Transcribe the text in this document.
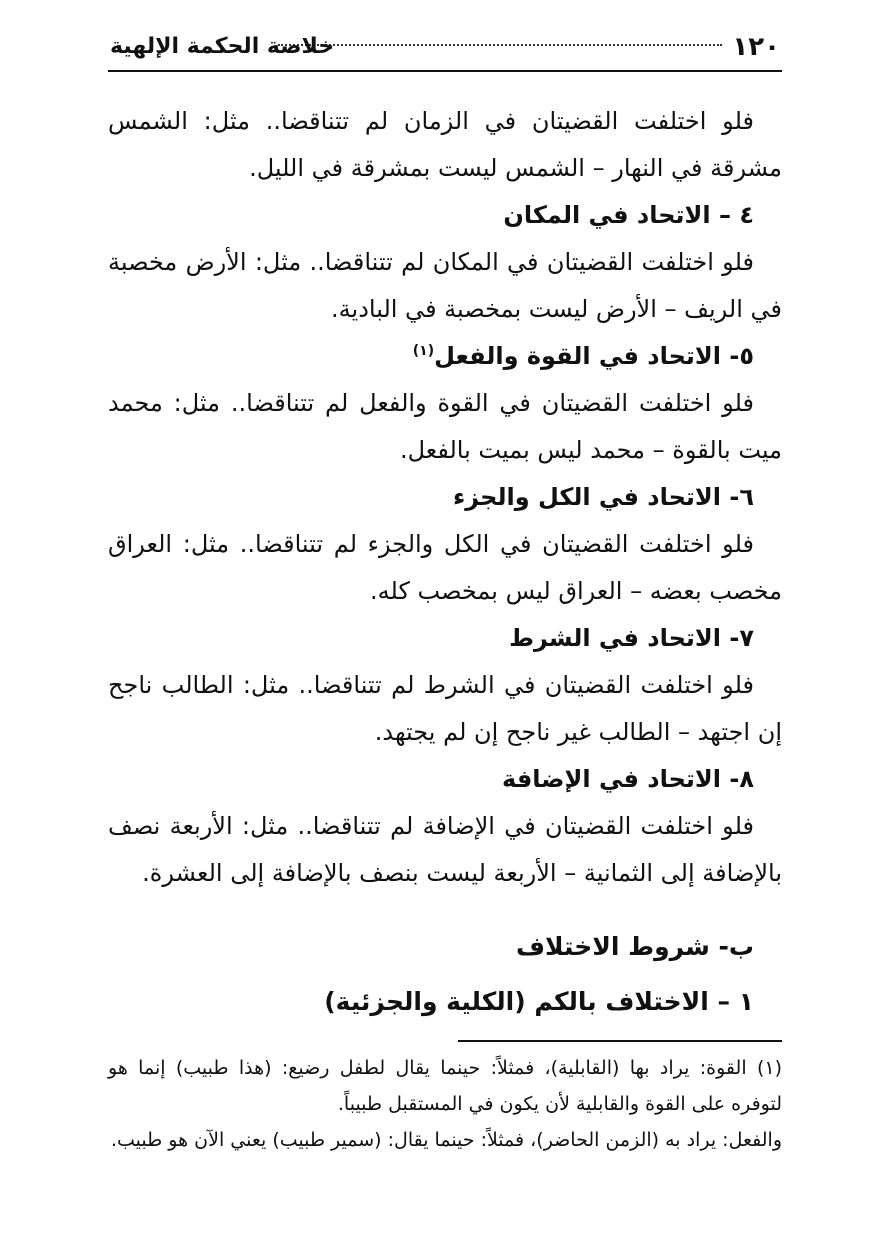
١٢٠
خلاصة الحكمة الإلهية

فلو اختلفت القضيتان في الزمان لم تتناقضا.. مثل: الشمس مشرقة في النهار – الشمس ليست بمشرقة في الليل.

٤ – الاتحاد في المكان

فلو اختلفت القضيتان في المكان لم تتناقضا.. مثل: الأرض مخصبة في الريف – الأرض ليست بمخصبة في البادية.

٥- الاتحاد في القوة والفعل$^{(١)}$

فلو اختلفت القضيتان في القوة والفعل لم تتناقضا.. مثل: محمد ميت بالقوة – محمد ليس بميت بالفعل.

٦- الاتحاد في الكل والجزء

فلو اختلفت القضيتان في الكل والجزء لم تتناقضا.. مثل: العراق مخصب بعضه – العراق ليس بمخصب كله.

٧- الاتحاد في الشرط

فلو اختلفت القضيتان في الشرط لم تتناقضا.. مثل: الطالب ناجح إن اجتهد – الطالب غير ناجح إن لم يجتهد.

٨- الاتحاد في الإضافة

فلو اختلفت القضيتان في الإضافة لم تتناقضا.. مثل: الأربعة نصف بالإضافة إلى الثمانية – الأربعة ليست بنصف بالإضافة إلى العشرة.

ب- شروط الاختلاف
١ – الاختلاف بالكم (الكلية والجزئية)

(١) القوة: يراد بها (القابلية)، فمثلاً: حينما يقال لطفل رضيع: (هذا طبيب) إنما هو لتوفره على القوة والقابلية لأن يكون في المستقبل طبيباً.

والفعل: يراد به (الزمن الحاضر)، فمثلاً: حينما يقال: (سمير طبيب) يعني الآن هو طبيب.
